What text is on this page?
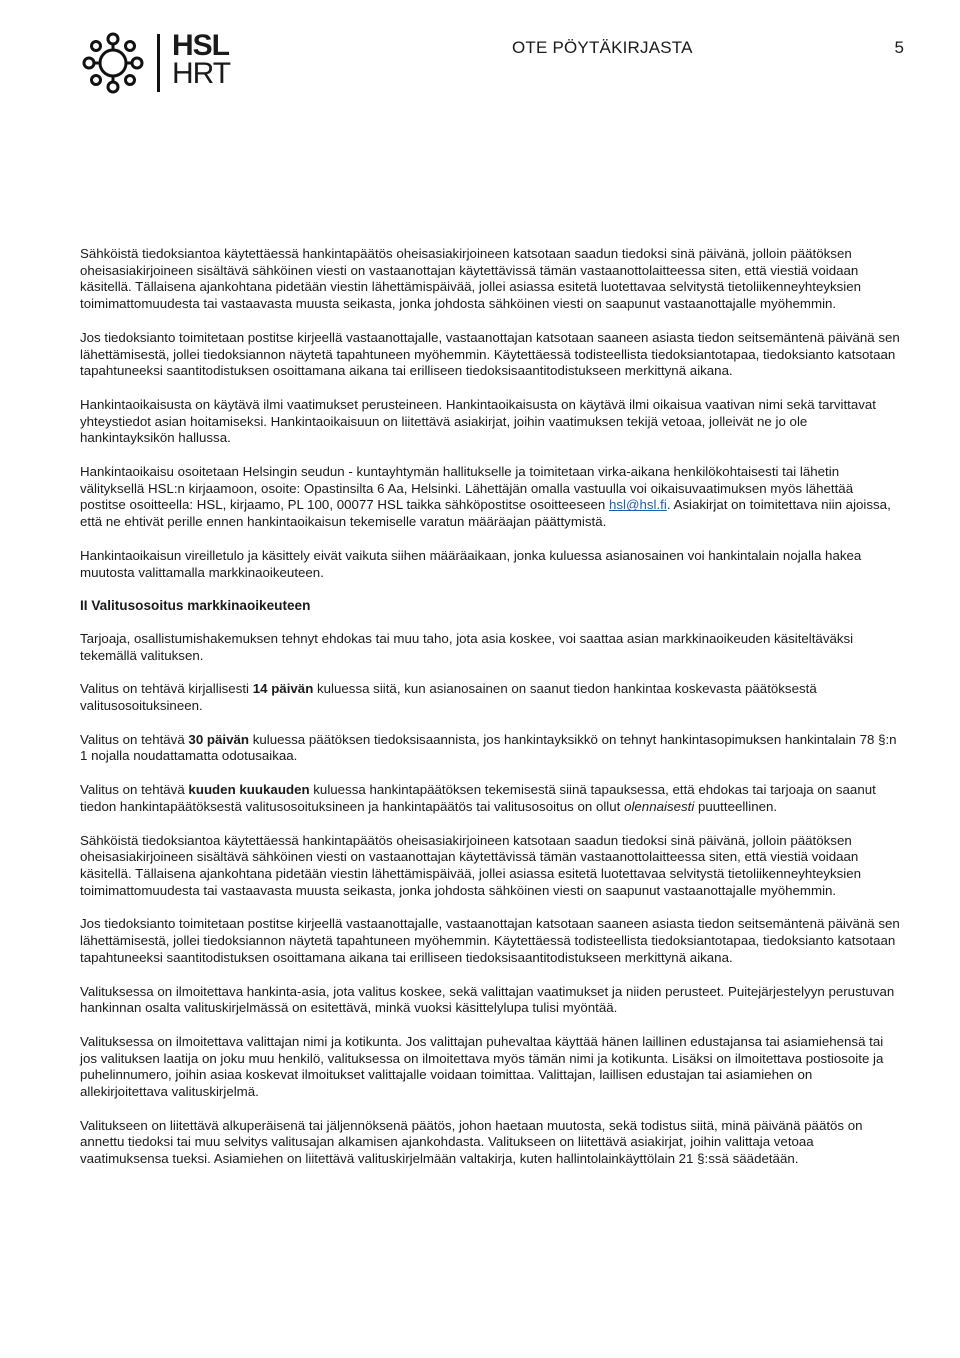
HSL
HRT
OTE PÖYTÄKIRJASTA	5

Sähköistä tiedoksiantoa käytettäessä hankintapäätös oheisasiakirjoineen katsotaan saadun tiedoksi sinä päivänä, jolloin päätöksen oheisasiakirjoineen sisältävä sähköinen viesti on vastaanottajan käytettävissä tämän vastaanottolaitteessa siten, että viestiä voidaan käsitellä. Tällaisena ajankohtana pidetään viestin lähettämispäivää, jollei asiassa esitetä luotettavaa selvitystä tietoliikenneyhteyksien toimimattomuudesta tai vastaavasta muusta seikasta, jonka johdosta sähköinen viesti on saapunut vastaanottajalle myöhemmin.

Jos tiedoksianto toimitetaan postitse kirjeellä vastaanottajalle, vastaanottajan katsotaan saaneen asiasta tiedon seitsemäntenä päivänä sen lähettämisestä, jollei tiedoksiannon näytetä tapahtuneen myöhemmin. Käytettäessä todisteellista tiedoksiantotapaa, tiedoksianto katsotaan tapahtuneeksi saantitodistuksen osoittamana aikana tai erilliseen tiedoksisaantitodistukseen merkittynä aikana.

Hankintaoikaisusta on käytävä ilmi vaatimukset perusteineen. Hankintaoikaisusta on käytävä ilmi oikaisua vaativan nimi sekä tarvittavat yhteystiedot asian hoitamiseksi. Hankintaoikaisuun on liitettävä asiakirjat, joihin vaatimuksen tekijä vetoaa, jolleivät ne jo ole hankintayksikön hallussa.

Hankintaoikaisu osoitetaan Helsingin seudun - kuntayhtymän hallitukselle ja toimitetaan virka-aikana henkilökohtaisesti tai lähetin välityksellä HSL:n kirjaamoon, osoite: Opastinsilta 6 Aa, Helsinki. Lähettäjän omalla vastuulla voi oikaisuvaatimuksen myös lähettää postitse osoitteella: HSL, kirjaamo, PL 100, 00077 HSL taikka sähköpostitse osoitteeseen hsl@hsl.fi. Asiakirjat on toimitettava niin ajoissa, että ne ehtivät perille ennen hankintaoikaisun tekemiselle varatun määräajan päättymistä.

Hankintaoikaisun vireilletulo ja käsittely eivät vaikuta siihen määräaikaan, jonka kuluessa asianosainen voi hankintalain nojalla hakea muutosta valittamalla markkinaoikeuteen.

II Valitusosoitus markkinaoikeuteen

Tarjoaja, osallistumishakemuksen tehnyt ehdokas tai muu taho, jota asia koskee, voi saattaa asian markkinaoikeuden käsiteltäväksi tekemällä valituksen.

Valitus on tehtävä kirjallisesti 14 päivän kuluessa siitä, kun asianosainen on saanut tiedon hankintaa koskevasta päätöksestä valitusosoituksineen.

Valitus on tehtävä 30 päivän kuluessa päätöksen tiedoksisaannista, jos hankintayksikkö on tehnyt hankintasopimuksen hankintalain 78 §:n 1 nojalla noudattamatta odotusaikaa.

Valitus on tehtävä kuuden kuukauden kuluessa hankintapäätöksen tekemisestä siinä tapauksessa, että ehdokas tai tarjoaja on saanut tiedon hankintapäätöksestä valitusosoituksineen ja hankintapäätös tai valitusosoitus on ollut olennaisesti puutteellinen.

Sähköistä tiedoksiantoa käytettäessä hankintapäätös oheisasiakirjoineen katsotaan saadun tiedoksi sinä päivänä, jolloin päätöksen oheisasiakirjoineen sisältävä sähköinen viesti on vastaanottajan käytettävissä tämän vastaanottolaitteessa siten, että viestiä voidaan käsitellä. Tällaisena ajankohtana pidetään viestin lähettämispäivää, jollei asiassa esitetä luotettavaa selvitystä tietoliikenneyhteyksien toimimattomuudesta tai vastaavasta muusta seikasta, jonka johdosta sähköinen viesti on saapunut vastaanottajalle myöhemmin.

Jos tiedoksianto toimitetaan postitse kirjeellä vastaanottajalle, vastaanottajan katsotaan saaneen asiasta tiedon seitsemäntenä päivänä sen lähettämisestä, jollei tiedoksiannon näytetä tapahtuneen myöhemmin. Käytettäessä todisteellista tiedoksiantotapaa, tiedoksianto katsotaan tapahtuneeksi saantitodistuksen osoittamana aikana tai erilliseen tiedoksisaantitodistukseen merkittynä aikana.

Valituksessa on ilmoitettava hankinta-asia, jota valitus koskee, sekä valittajan vaatimukset ja niiden perusteet. Puitejärjestelyyn perustuvan hankinnan osalta valituskirjelmässä on esitettävä, minkä vuoksi käsittelylupa tulisi myöntää.

Valituksessa on ilmoitettava valittajan nimi ja kotikunta. Jos valittajan puhevaltaa käyttää hänen laillinen edustajansa tai asiamiehensä tai jos valituksen laatija on joku muu henkilö, valituksessa on ilmoitettava myös tämän nimi ja kotikunta. Lisäksi on ilmoitettava postiosoite ja puhelinnumero, joihin asiaa koskevat ilmoitukset valittajalle voidaan toimittaa. Valittajan, laillisen edustajan tai asiamiehen on allekirjoitettava valituskirjelmä.

Valitukseen on liitettävä alkuperäisenä tai jäljennöksenä päätös, johon haetaan muutosta, sekä todistus siitä, minä päivänä päätös on annettu tiedoksi tai muu selvitys valitusajan alkamisen ajankohdasta. Valitukseen on liitettävä asiakirjat, joihin valittaja vetoaa vaatimuksensa tueksi. Asiamiehen on liitettävä valituskirjelmään valtakirja, kuten hallintolainkäyttölain 21 §:ssä säädetään.
